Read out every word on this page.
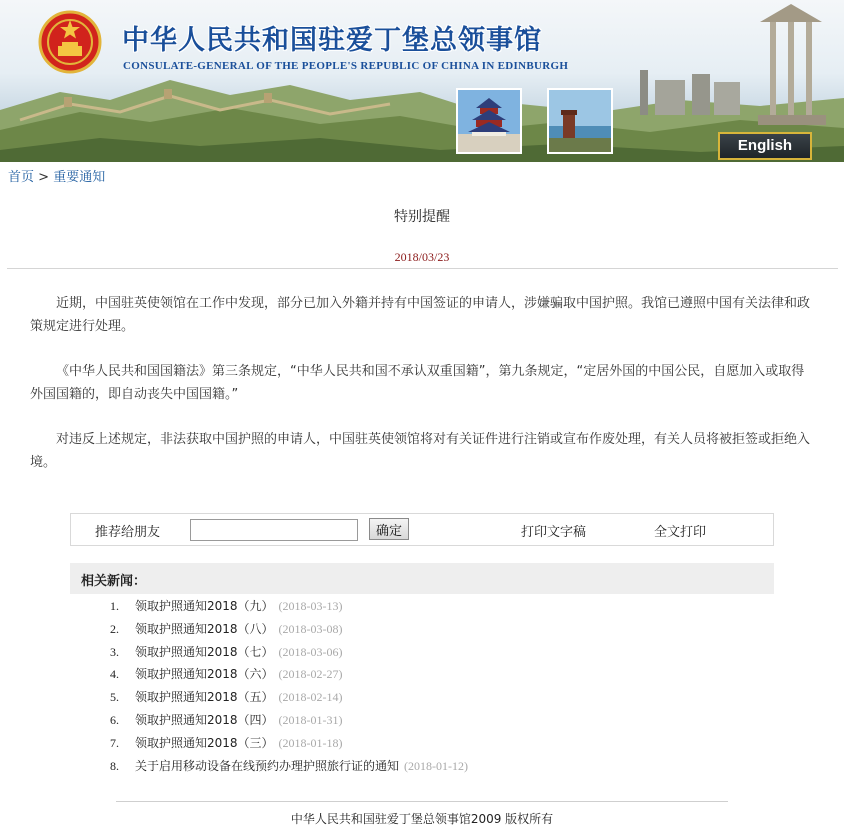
中华人民共和国驻爱丁堡总领事馆
CONSULATE-GENERAL OF THE PEOPLE'S REPUBLIC OF CHINA IN EDINBURGH
English
首页 > 重要通知
特别提醒
2018/03/23

近期，中国驻英使领馆在工作中发现，部分已加入外籍并持有中国签证的申请人，涉嫌骗取中国护照。我馆已遵照中国有关法律和政策规定进行处理。

《中华人民共和国国籍法》第三条规定，“中华人民共和国不承认双重国籍”，第九条规定，“定居外国的中国公民，自愿加入或取得外国国籍的，即自动丧失中国国籍。”

对违反上述规定，非法获取中国护照的申请人，中国驻英使领馆将对有关证件进行注销或宣布作废处理，有关人员将被拒签或拒绝入境。

推荐给朋友	确定	打印文字稿	全文打印
相关新闻：
1. 领取护照通知2018（九） (2018-03-13)
2. 领取护照通知2018（八） (2018-03-08)
3. 领取护照通知2018（七） (2018-03-06)
4. 领取护照通知2018（六） (2018-02-27)
5. 领取护照通知2018（五） (2018-02-14)
6. 领取护照通知2018（四） (2018-01-31)
7. 领取护照通知2018（三） (2018-01-18)
8. 关于启用移动设备在线预约办理护照旅行证的通知 (2018-01-12)
中华人民共和国驻爱丁堡总领事馆2009 版权所有
